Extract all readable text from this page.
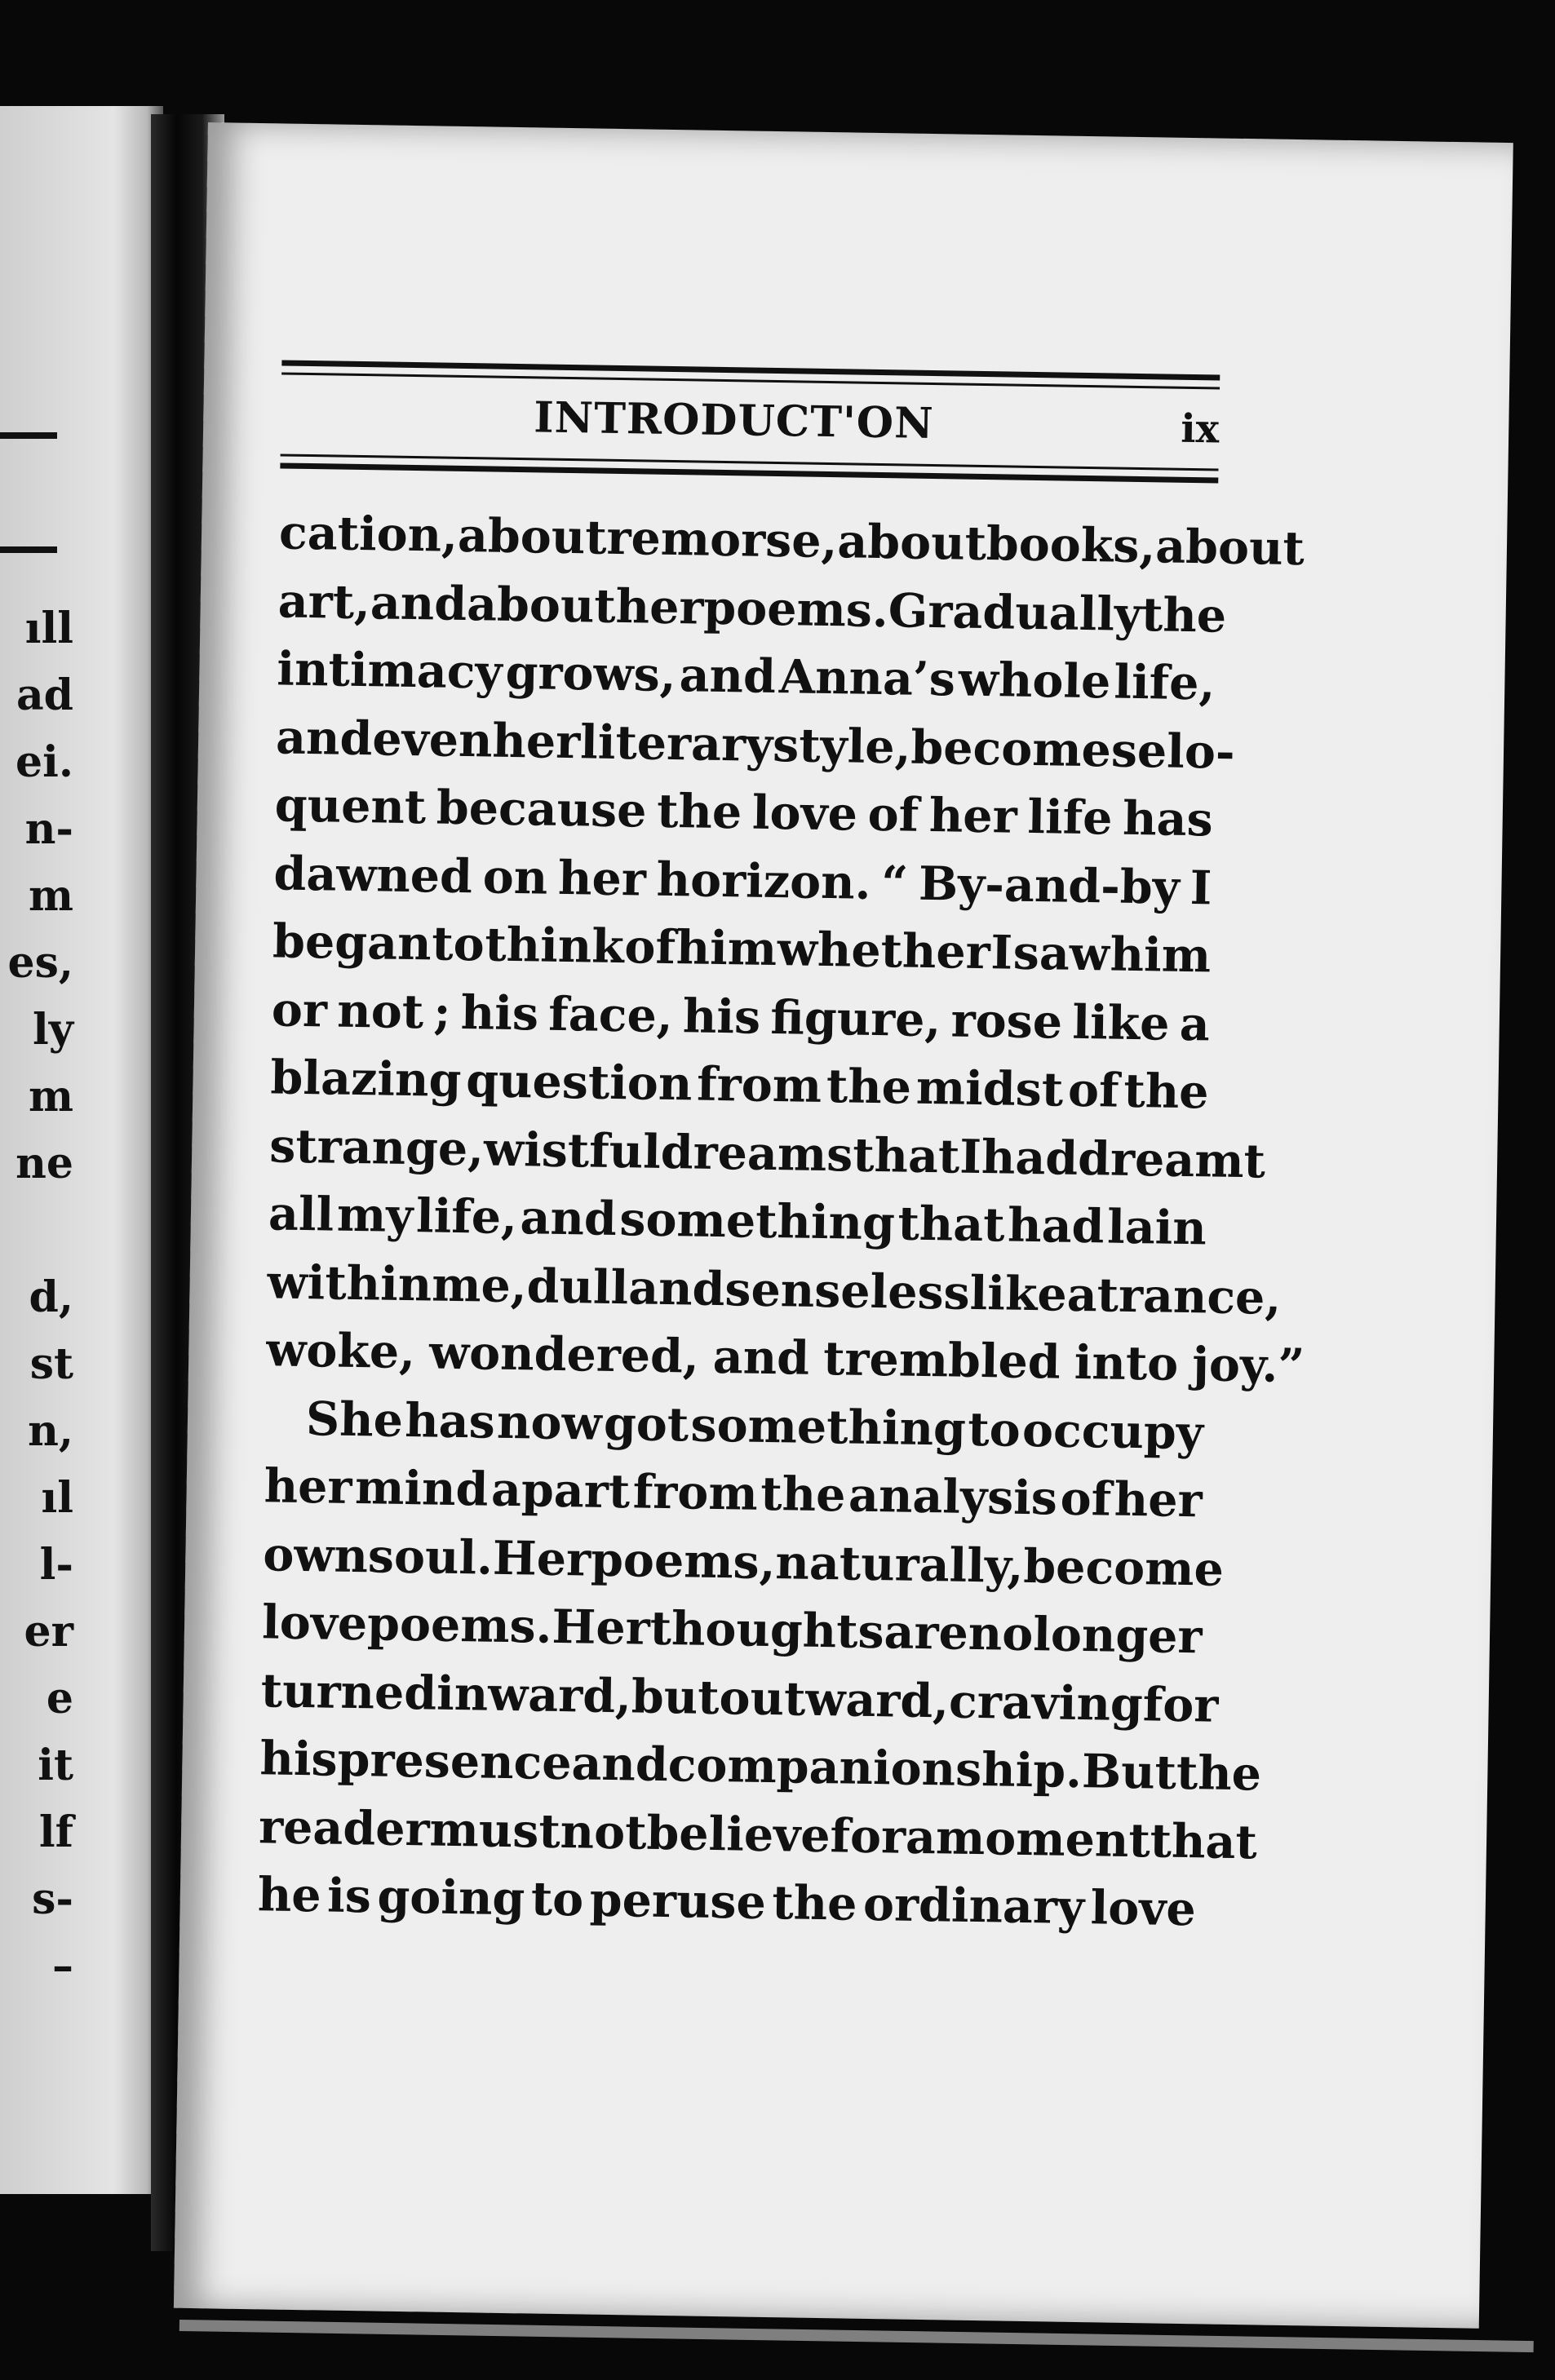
ıll
ad
ei.
n-
m
es,
ly
m
ne
d,
st
n,
ıl
l-
er
e
it
lf
s-
–
INTRODUCT'ON	ix
cation,
about
remorse,
about
books,
about
art,
and
about
her
poems.
Gradually
the
intimacy grows, and Anna’s whole life,
and
even
her
literary
style,
becomes
elo-
quent because the love of her life has
dawned on her horizon. “ By-and-by I
began to think of him whether I saw him
or not ; his face, his figure, rose like a
blazing question from the midst of the
strange,
wistful
dreams
that
I
had
dreamt
all my life, and something that had lain
within
me,
dull
and
senseless
like
a
trance,
woke, wondered, and trembled into joy.”
She has now got something to occupy
her mind apart from the analysis of her
own
soul.
Her
poems,
naturally,
become
love
poems.
Her
thoughts
are
no
longer
turned
inward,
but
outward,
craving
for
his
presence
and
companionship.
But
the
reader
must
not
believe
for
a
moment
that
he is going to peruse the ordinary love
